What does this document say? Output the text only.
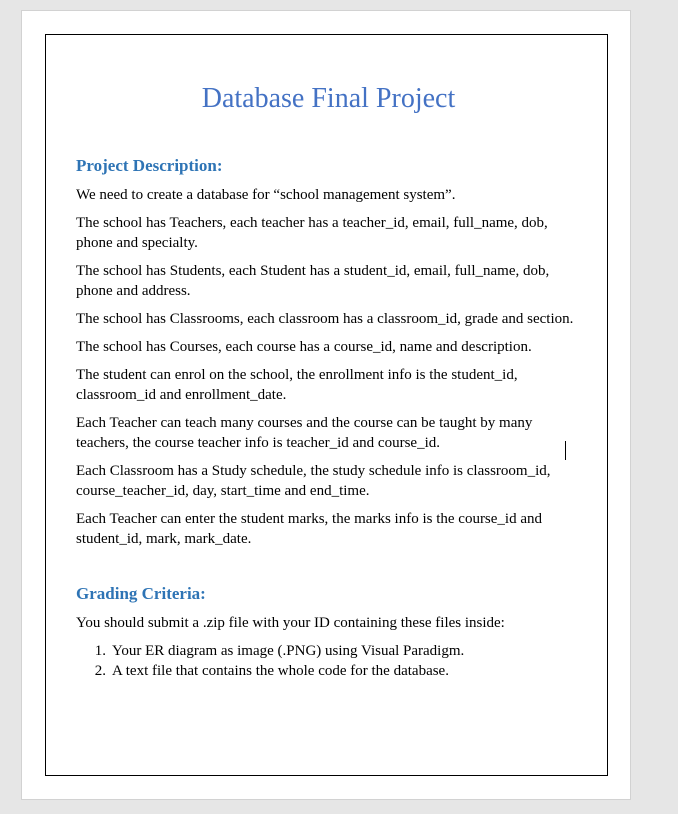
Database Final Project
Project Description:

We need to create a database for “school management system”.

The school has Teachers, each teacher has a teacher_id, email, full_name, dob, phone and specialty.

The school has Students, each Student has a student_id, email, full_name, dob, phone and address.

The school has Classrooms, each classroom has a classroom_id, grade and section.

The school has Courses, each course has a course_id, name and description.

The student can enrol on the school, the enrollment info is the student_id, classroom_id and enrollment_date.

Each Teacher can teach many courses and the course can be taught by many teachers, the course teacher info is teacher_id and course_id.

Each Classroom has a Study schedule, the study schedule info is classroom_id, course_teacher_id, day, start_time and end_time.

Each Teacher can enter the student marks, the marks info is the course_id and student_id, mark, mark_date.

Grading Criteria:

You should submit a .zip file with your ID containing these files inside:

1. Your ER diagram as image (.PNG) using Visual Paradigm.
2. A text file that contains the whole code for the database.
